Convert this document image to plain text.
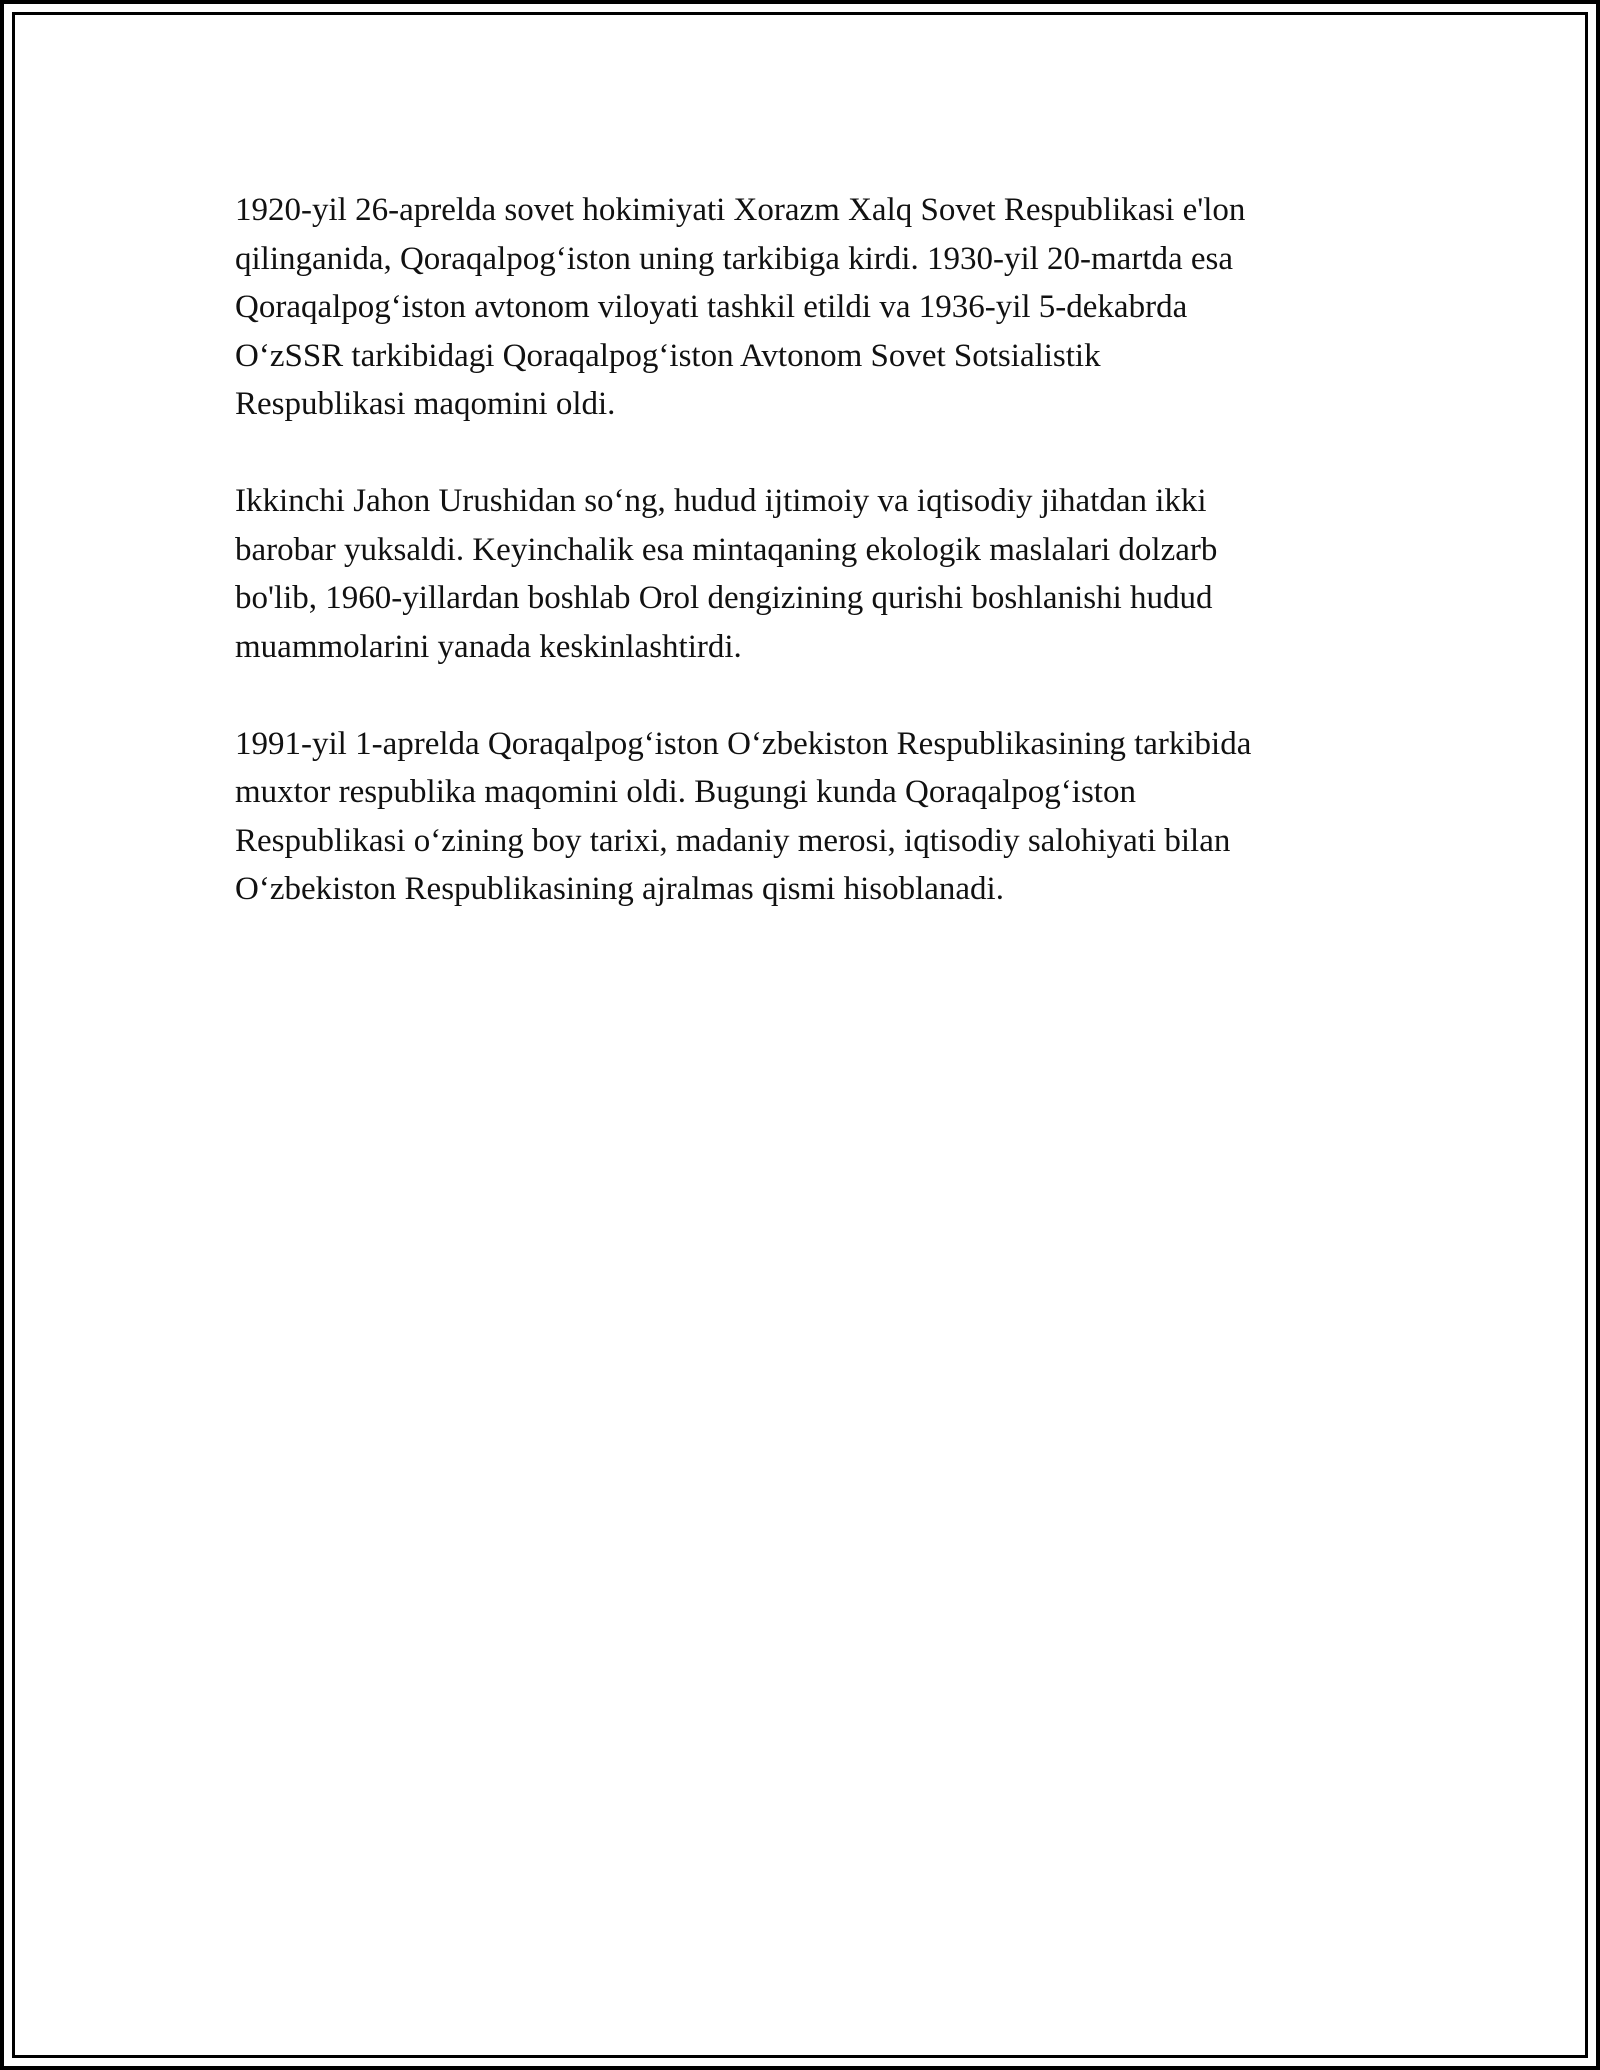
1920-yil 26-aprelda sovet hokimiyati Xorazm Xalq Sovet Respublikasi e'lon
qilinganida, Qoraqalpog‘iston uning tarkibiga kirdi. 1930-yil 20-martda esa
Qoraqalpog‘iston avtonom viloyati tashkil etildi va 1936-yil 5-dekabrda
O‘zSSR tarkibidagi Qoraqalpog‘iston Avtonom Sovet Sotsialistik
Respublikasi maqomini oldi.

Ikkinchi Jahon Urushidan so‘ng, hudud ijtimoiy va iqtisodiy jihatdan ikki
barobar yuksaldi. Keyinchalik esa mintaqaning ekologik maslalari dolzarb
bo'lib, 1960-yillardan boshlab Orol dengizining qurishi boshlanishi hudud
muammolarini yanada keskinlashtirdi.

1991-yil 1-aprelda Qoraqalpog‘iston O‘zbekiston Respublikasining tarkibida
muxtor respublika maqomini oldi. Bugungi kunda Qoraqalpog‘iston
Respublikasi o‘zining boy tarixi, madaniy merosi, iqtisodiy salohiyati bilan
O‘zbekiston Respublikasining ajralmas qismi hisoblanadi.
